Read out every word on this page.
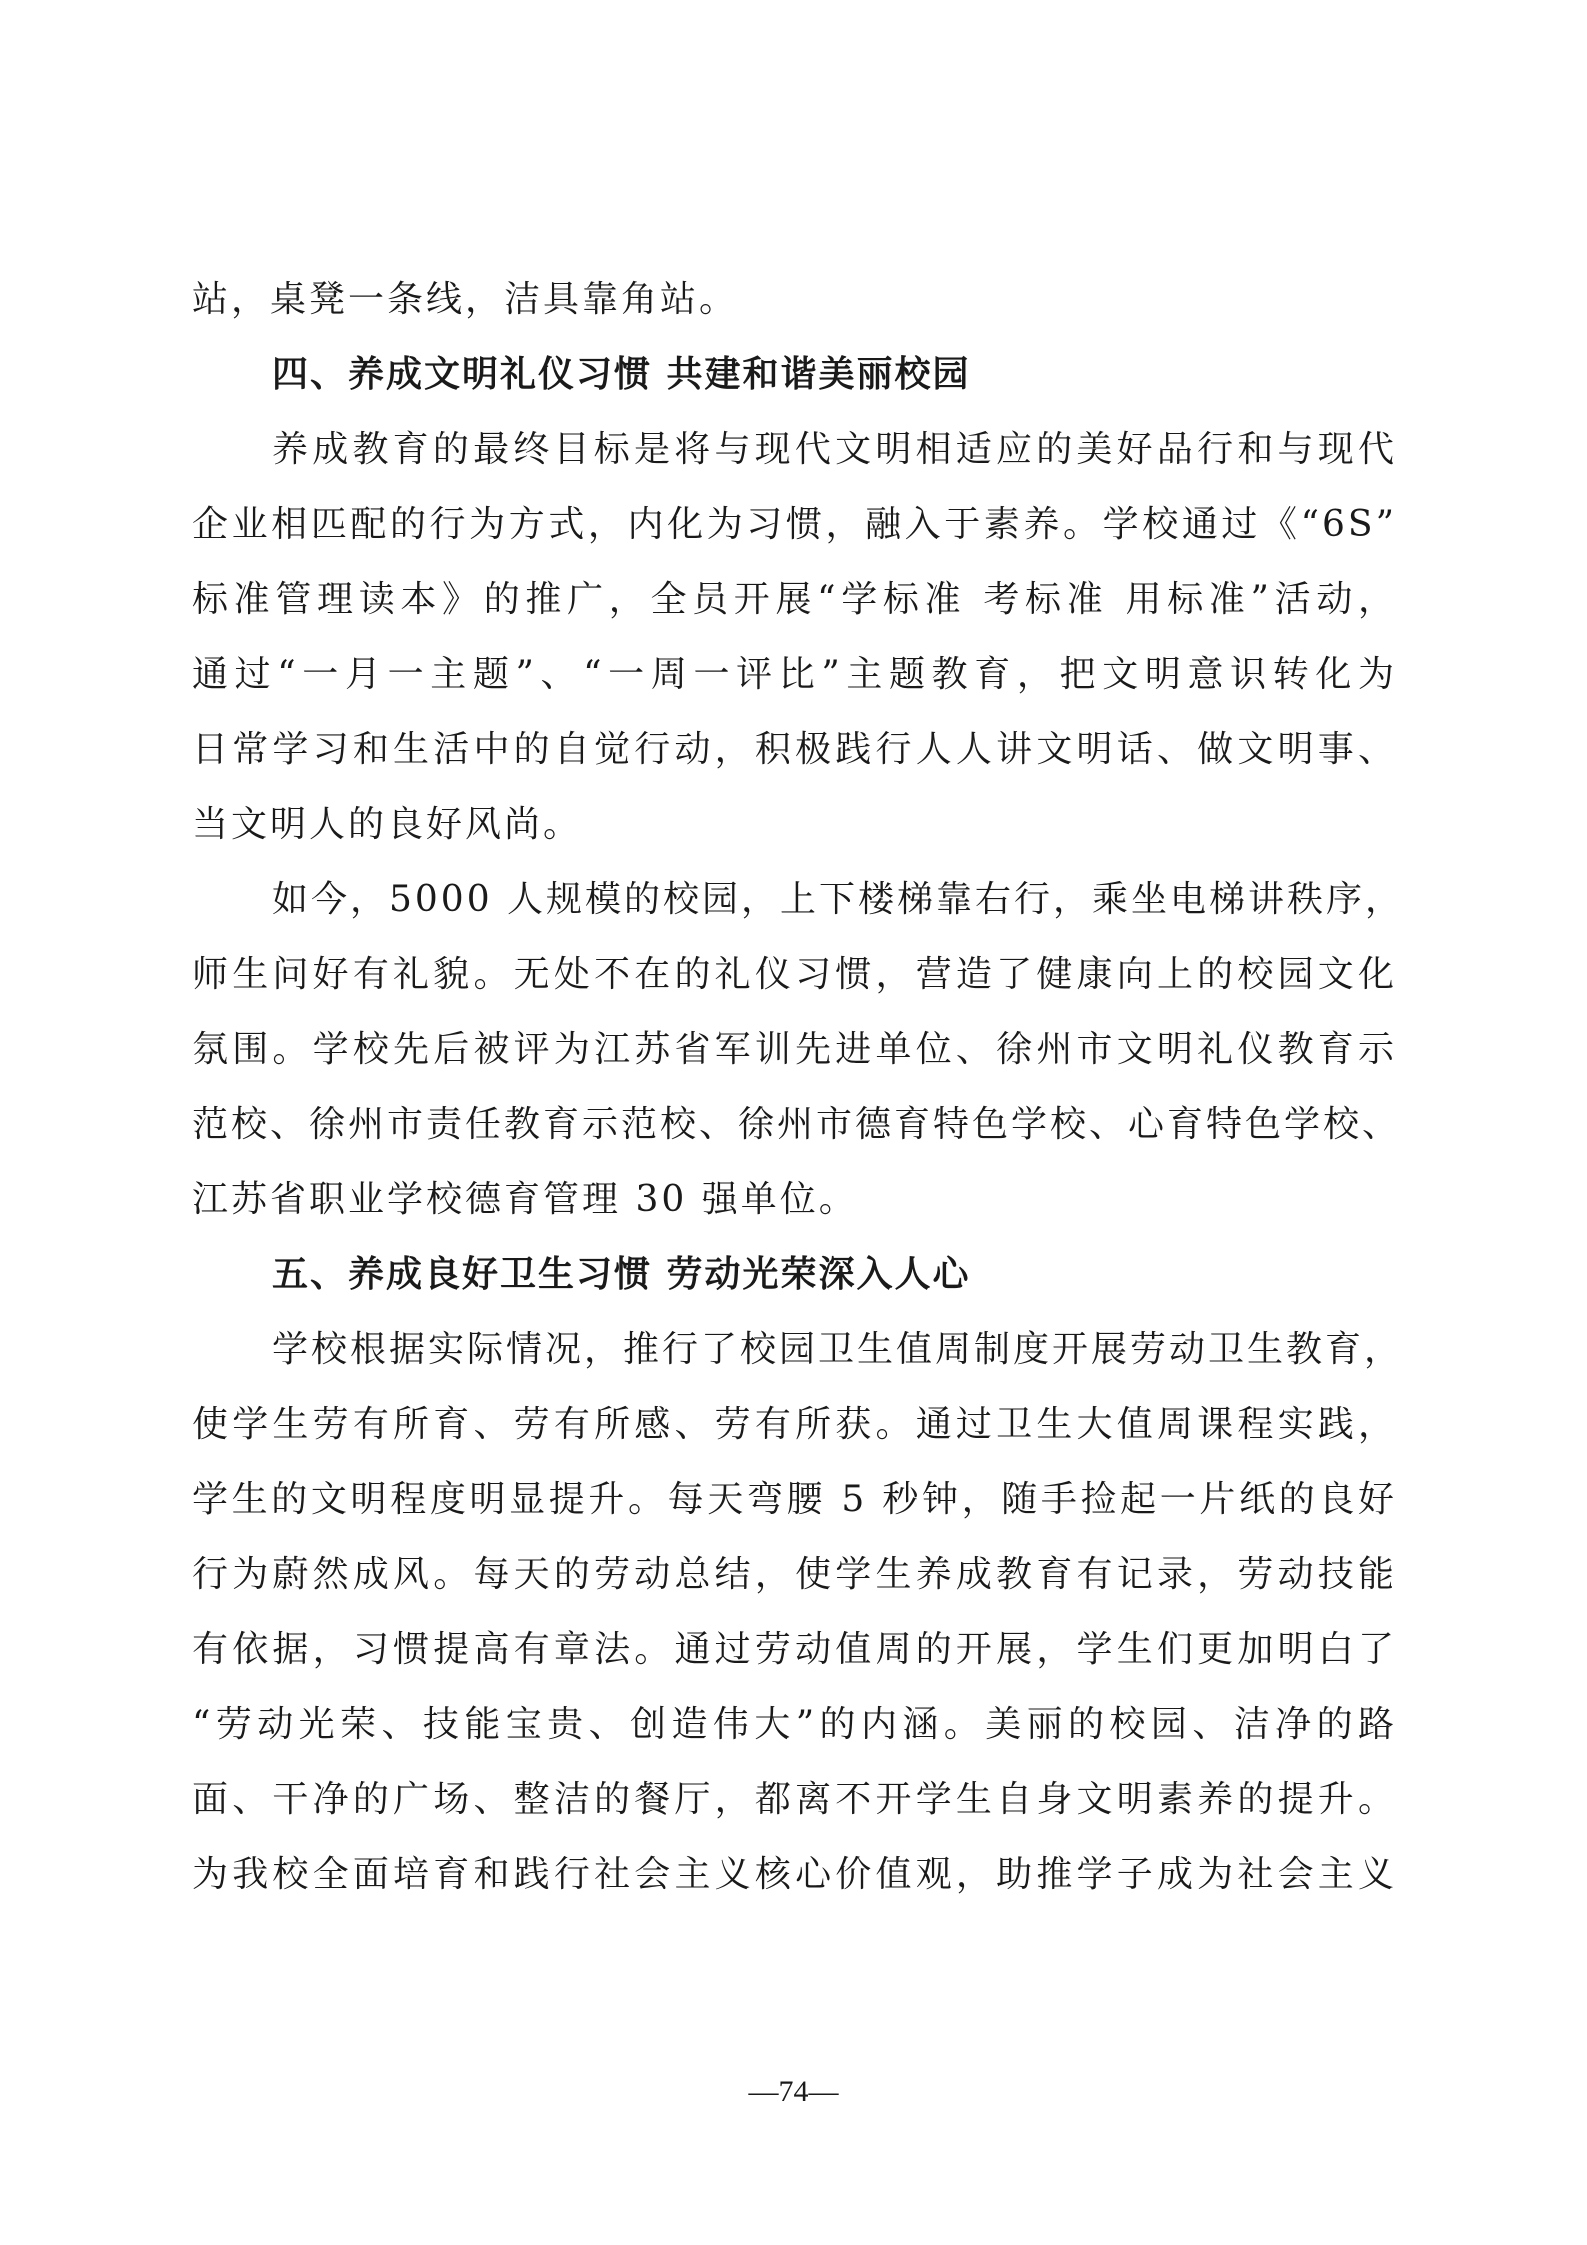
站，桌凳一条线，洁具靠角站。
四、养成文明礼仪习惯 共建和谐美丽校园
养成教育的最终目标是将与现代文明相适应的美好品行和与现代
企业相匹配的行为方式，内化为习惯，融入于素养。学校通过《“6S”
标准管理读本》的推广，全员开展“学标准 考标准 用标准”活动，
通过“一月一主题”、“一周一评比”主题教育，把文明意识转化为
日常学习和生活中的自觉行动，积极践行人人讲文明话、做文明事、
当文明人的良好风尚。
如今，5000 人规模的校园，上下楼梯靠右行，乘坐电梯讲秩序，
师生问好有礼貌。无处不在的礼仪习惯，营造了健康向上的校园文化
氛围。学校先后被评为江苏省军训先进单位、徐州市文明礼仪教育示
范校、徐州市责任教育示范校、徐州市德育特色学校、心育特色学校、
江苏省职业学校德育管理 30 强单位。
五、养成良好卫生习惯 劳动光荣深入人心
学校根据实际情况，推行了校园卫生值周制度开展劳动卫生教育，
使学生劳有所育、劳有所感、劳有所获。通过卫生大值周课程实践，
学生的文明程度明显提升。每天弯腰 5 秒钟，随手捡起一片纸的良好
行为蔚然成风。每天的劳动总结，使学生养成教育有记录，劳动技能
有依据，习惯提高有章法。通过劳动值周的开展，学生们更加明白了
“劳动光荣、技能宝贵、创造伟大”的内涵。美丽的校园、洁净的路
面、干净的广场、整洁的餐厅，都离不开学生自身文明素养的提升。
为我校全面培育和践行社会主义核心价值观，助推学子成为社会主义
—74—
